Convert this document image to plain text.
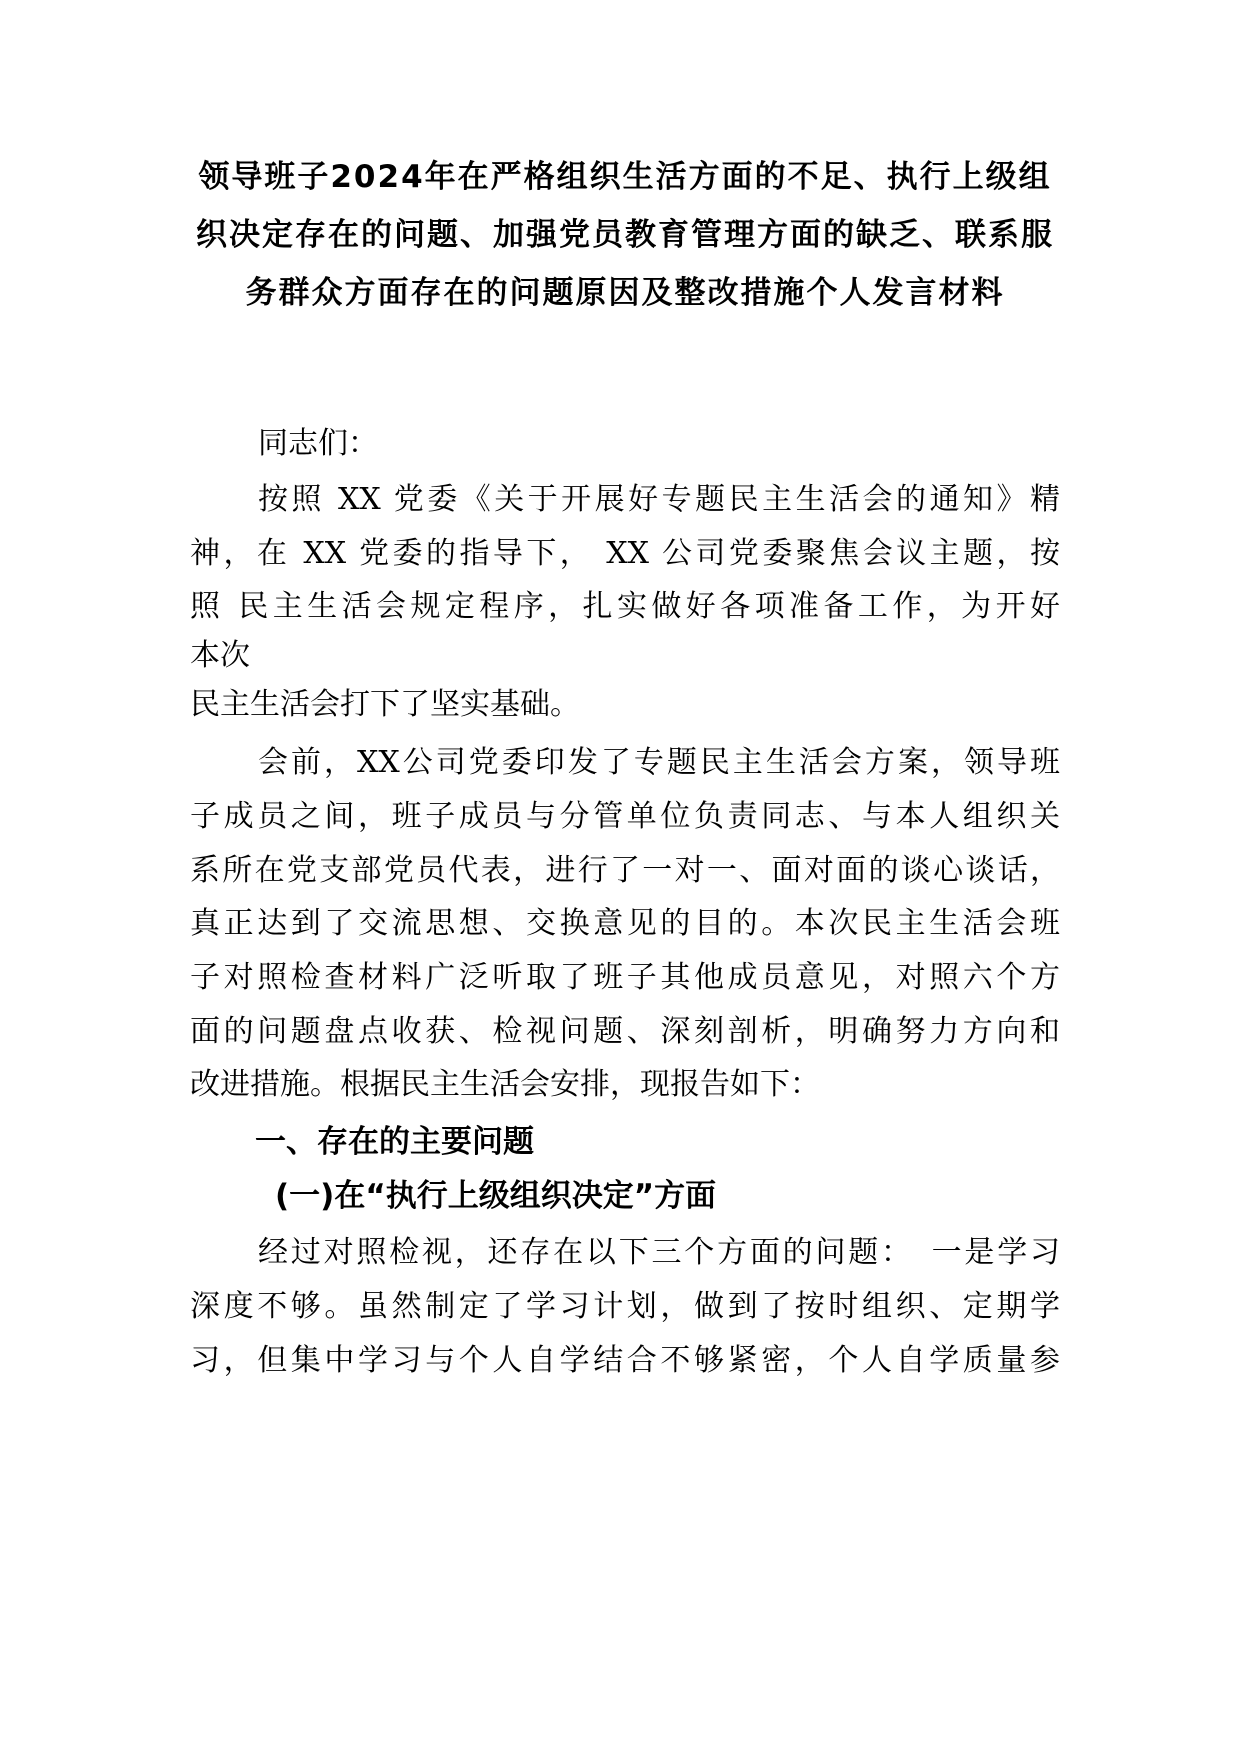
领导班子2024年在严格组织生活方面的不足、执行上级组
织决定存在的问题、加强党员教育管理方面的缺乏、联系服
务群众方面存在的问题原因及整改措施个人发言材料

同志们：

按照 XX 党委《关于开展好专题民主生活会的通知》精

神，在 XX 党委的指导下， XX 公司党委聚焦会议主题，按

照 民主生活会规定程序，扎实做好各项准备工作，为开好

本次

民主生活会打下了坚实基础。

会前，XX公司党委印发了专题民主生活会方案，领导班

子成员之间，班子成员与分管单位负责同志、与本人组织关

系所在党支部党员代表，进行了一对一、面对面的谈心谈话，

真正达到了交流思想、交换意见的目的。本次民主生活会班

子对照检查材料广泛听取了班子其他成员意见，对照六个方

面的问题盘点收获、检视问题、深刻剖析，明确努力方向和

改进措施。根据民主生活会安排，现报告如下：

一、存在的主要问题
(一)在“执行上级组织决定”方面

经过对照检视，还存在以下三个方面的问题：　一是学习

深度不够。虽然制定了学习计划，做到了按时组织、定期学

习，但集中学习与个人自学结合不够紧密，个人自学质量参
